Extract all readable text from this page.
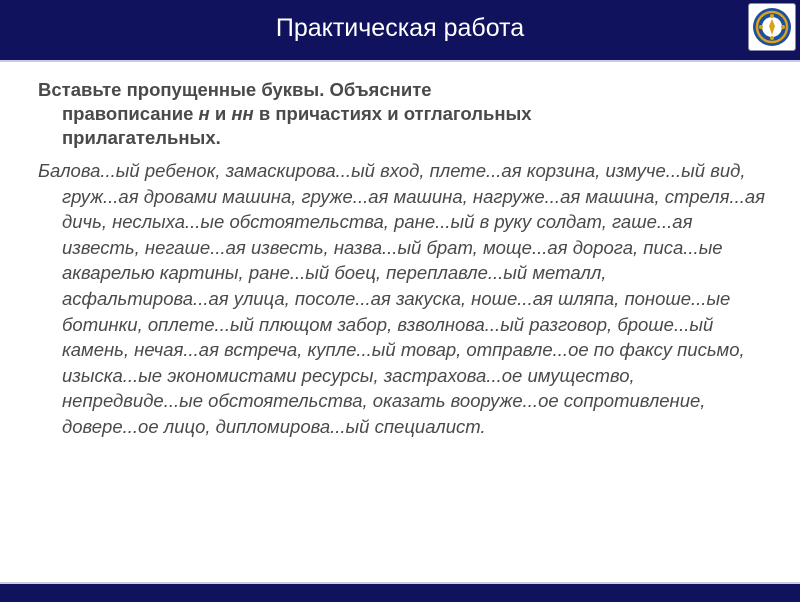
Практическая работа

Вставьте пропущенные буквы. Объясните
правописание н и нн в причастиях и отглагольных
прилагательных.

Балова...ый ребенок, замаскирова...ый вход, плете...ая корзина, измуче...ый вид, груж...ая дровами машина, груже...ая машина, нагруже...ая машина, стреля...ая дичь, неслыха...ые обстоятельства, ране...ый в руку солдат, гаше...ая известь, негаше...ая известь, назва...ый брат, моще...ая дорога, писа...ые акварелью картины, ране...ый боец, переплавле...ый металл, асфальтирова...ая улица, посоле...ая закуска, ноше...ая шляпа, поноше...ые ботинки, оплете...ый плющом забор, взволнова...ый разговор, броше...ый камень, нечая...ая встреча, купле...ый товар, отправле...ое по факсу письмо, изыска...ые экономистами ресурсы, застрахова...ое имущество, непредвиде...ые обстоятельства, оказать вооруже...ое сопротивление, довере...ое лицо, дипломирова...ый специалист.
